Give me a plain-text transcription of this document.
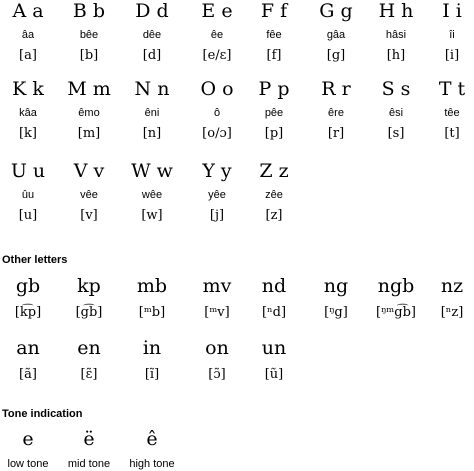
A a
âa
[a]
B b
bêe
[b]
D d
dêe
[d]
E e
êe
[e/ɛ]
F f
fêe
[f]
G g
gâa
[g]
H h
hâsi
[h]
I i
îi
[i]
K k
kâa
[k]
M m
êmo
[m]
N n
êni
[n]
O o
ô
[o/ɔ]
P p
pêe
[p]
R r
êre
[r]
S s
êsi
[s]
T t
têe
[t]
U u
ûu
[u]
V v
vêe
[v]
W w
wêe
[w]
Y y
yêe
[j]
Z z
zêe
[z]
gb
[k͡p]
kp
[g͡b]
mb
[ᵐb]
mv
[ᵐv]
nd
[ⁿd]
ng
[ᵑg]
ngb
[ᵑᵐg͡b]
nz
[ⁿz]
an
[ã]
en
[ɛ̃]
in
[ĩ]
on
[ɔ̃]
un
[ũ]
e
low tone
ë
mid tone
ê
high tone
Other letters
Tone indication
